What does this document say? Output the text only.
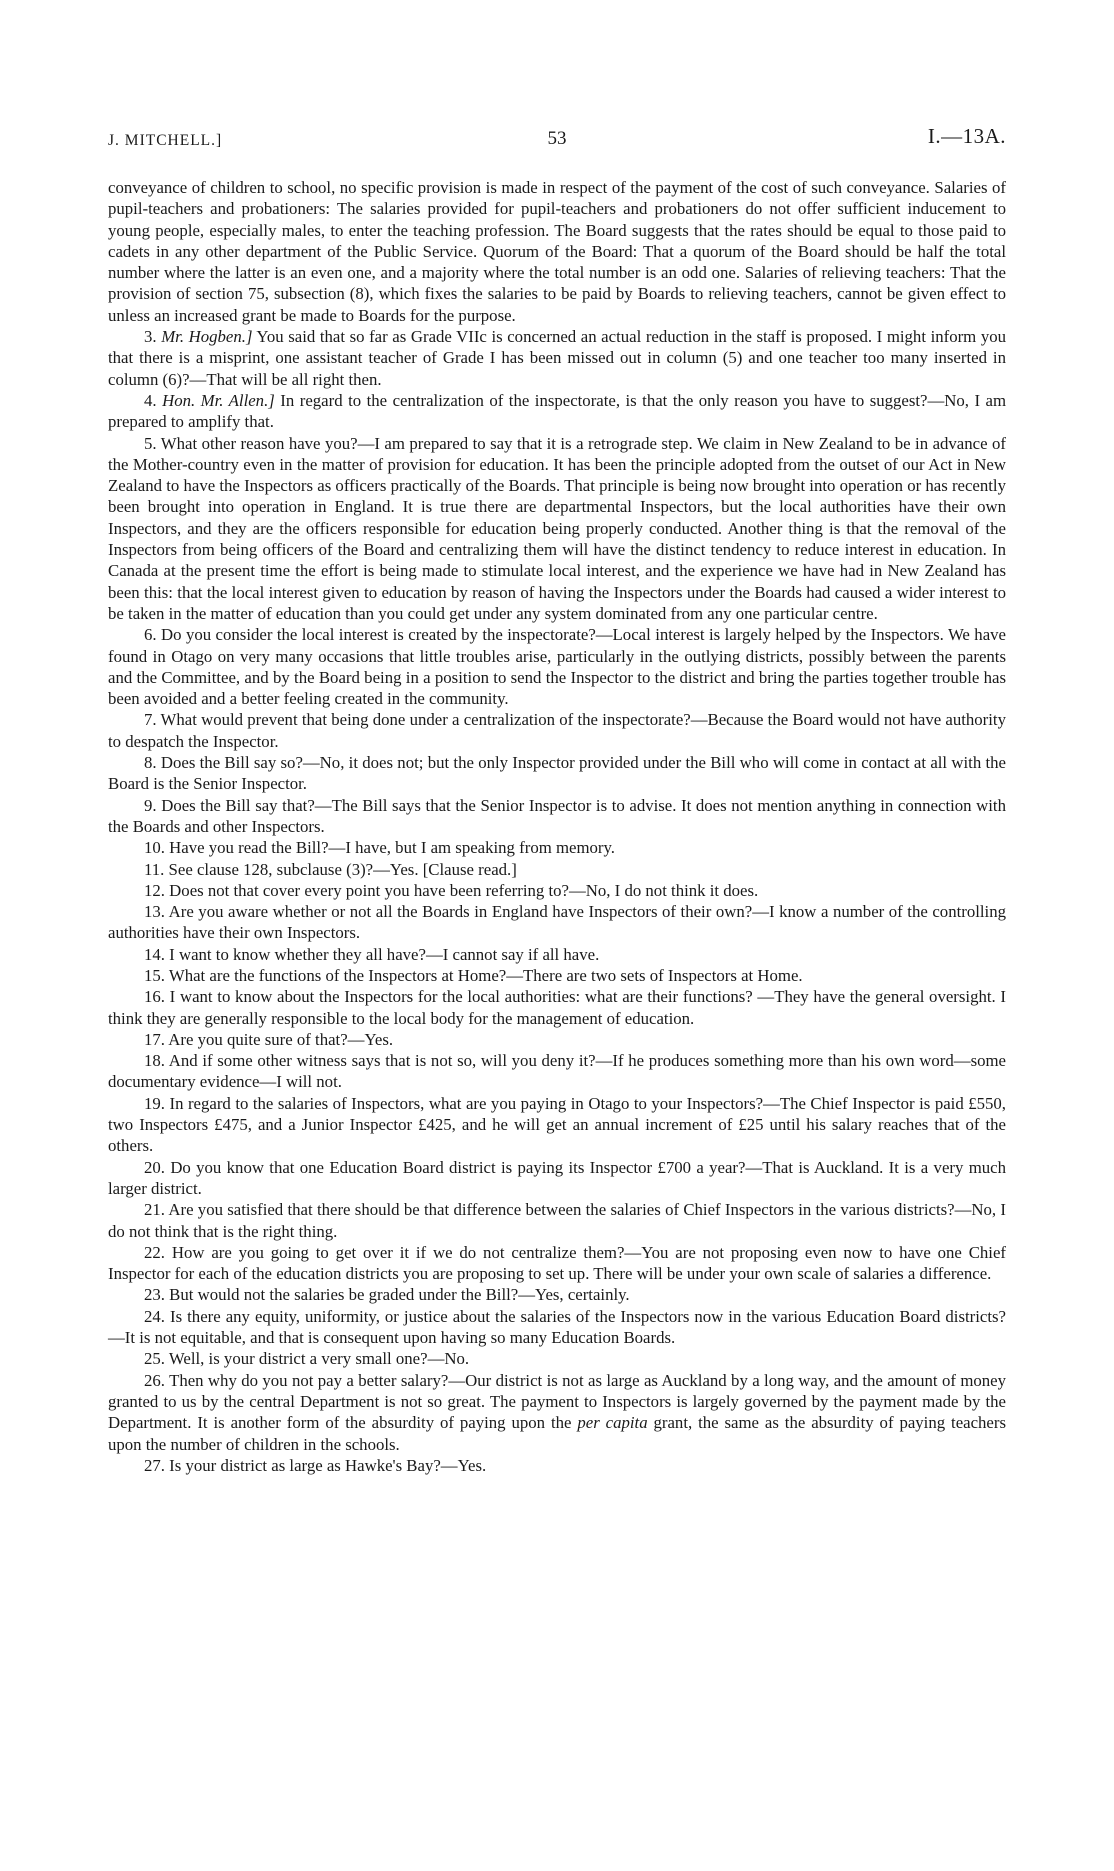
J. MITCHELL.]	53	I.—13A.

conveyance of children to school, no specific provision is made in respect of the payment of the cost of such conveyance. Salaries of pupil-teachers and probationers: The salaries provided for pupil-teachers and probationers do not offer sufficient inducement to young people, especially males, to enter the teaching profession. The Board suggests that the rates should be equal to those paid to cadets in any other department of the Public Service. Quorum of the Board: That a quorum of the Board should be half the total number where the latter is an even one, and a majority where the total number is an odd one. Salaries of relieving teachers: That the provision of section 75, subsection (8), which fixes the salaries to be paid by Boards to relieving teachers, cannot be given effect to unless an increased grant be made to Boards for the purpose.

3. Mr. Hogben.] You said that so far as Grade VIIc is concerned an actual reduction in the staff is proposed. I might inform you that there is a misprint, one assistant teacher of Grade I has been missed out in column (5) and one teacher too many inserted in column (6)?—That will be all right then.

4. Hon. Mr. Allen.] In regard to the centralization of the inspectorate, is that the only reason you have to suggest?—No, I am prepared to amplify that.

5. What other reason have you?—I am prepared to say that it is a retrograde step. We claim in New Zealand to be in advance of the Mother-country even in the matter of provision for education. It has been the principle adopted from the outset of our Act in New Zealand to have the Inspectors as officers practically of the Boards. That principle is being now brought into operation or has recently been brought into operation in England. It is true there are departmental Inspectors, but the local authorities have their own Inspectors, and they are the officers responsible for education being properly conducted. Another thing is that the removal of the Inspectors from being officers of the Board and centralizing them will have the distinct tendency to reduce interest in education. In Canada at the present time the effort is being made to stimulate local interest, and the experience we have had in New Zealand has been this: that the local interest given to education by reason of having the Inspectors under the Boards had caused a wider interest to be taken in the matter of education than you could get under any system dominated from any one particular centre.

6. Do you consider the local interest is created by the inspectorate?—Local interest is largely helped by the Inspectors. We have found in Otago on very many occasions that little troubles arise, particularly in the outlying districts, possibly between the parents and the Committee, and by the Board being in a position to send the Inspector to the district and bring the parties together trouble has been avoided and a better feeling created in the community.

7. What would prevent that being done under a centralization of the inspectorate?—Because the Board would not have authority to despatch the Inspector.

8. Does the Bill say so?—No, it does not; but the only Inspector provided under the Bill who will come in contact at all with the Board is the Senior Inspector.

9. Does the Bill say that?—The Bill says that the Senior Inspector is to advise. It does not mention anything in connection with the Boards and other Inspectors.

10. Have you read the Bill?—I have, but I am speaking from memory.

11. See clause 128, subclause (3)?—Yes. [Clause read.]

12. Does not that cover every point you have been referring to?—No, I do not think it does.

13. Are you aware whether or not all the Boards in England have Inspectors of their own?—I know a number of the controlling authorities have their own Inspectors.

14. I want to know whether they all have?—I cannot say if all have.

15. What are the functions of the Inspectors at Home?—There are two sets of Inspectors at Home.

16. I want to know about the Inspectors for the local authorities: what are their functions? —They have the general oversight. I think they are generally responsible to the local body for the management of education.

17. Are you quite sure of that?—Yes.

18. And if some other witness says that is not so, will you deny it?—If he produces something more than his own word—some documentary evidence—I will not.

19. In regard to the salaries of Inspectors, what are you paying in Otago to your Inspectors?—The Chief Inspector is paid £550, two Inspectors £475, and a Junior Inspector £425, and he will get an annual increment of £25 until his salary reaches that of the others.

20. Do you know that one Education Board district is paying its Inspector £700 a year?—That is Auckland. It is a very much larger district.

21. Are you satisfied that there should be that difference between the salaries of Chief Inspectors in the various districts?—No, I do not think that is the right thing.

22. How are you going to get over it if we do not centralize them?—You are not proposing even now to have one Chief Inspector for each of the education districts you are proposing to set up. There will be under your own scale of salaries a difference.

23. But would not the salaries be graded under the Bill?—Yes, certainly.

24. Is there any equity, uniformity, or justice about the salaries of the Inspectors now in the various Education Board districts?—It is not equitable, and that is consequent upon having so many Education Boards.

25. Well, is your district a very small one?—No.

26. Then why do you not pay a better salary?—Our district is not as large as Auckland by a long way, and the amount of money granted to us by the central Department is not so great. The payment to Inspectors is largely governed by the payment made by the Department. It is another form of the absurdity of paying upon the per capita grant, the same as the absurdity of paying teachers upon the number of children in the schools.

27. Is your district as large as Hawke's Bay?—Yes.
